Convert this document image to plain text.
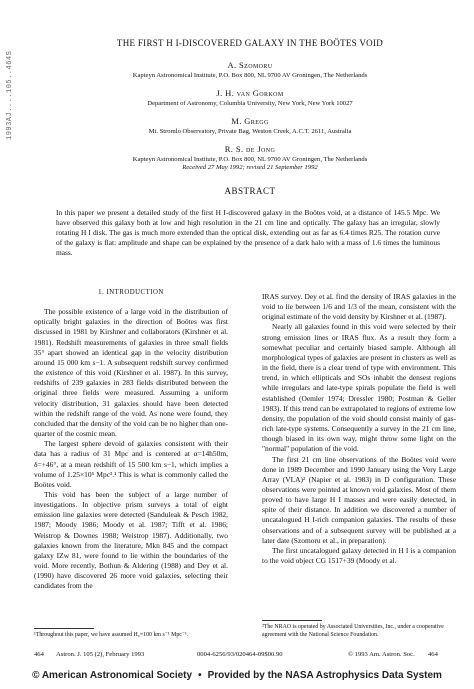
1993AJ....105..464S
THE FIRST H I-DISCOVERED GALAXY IN THE BOÖTES VOID
A. Szomoru
Kapteyn Astronomical Institute, P.O. Box 800, NL 9700 AV Groningen, The Netherlands
J. H. van Gorkom
Department of Astronomy, Columbia University, New York, New York 10027
M. Gregg
Mt. Stromlo Observatory, Private Bag, Weston Creek, A.C.T. 2611, Australia
R. S. de Jong
Kapteyn Astronomical Institute, P.O. Box 800, NL 9700 AV Groningen, The Netherlands
Received 27 May 1992; revised 21 September 1992
ABSTRACT
In this paper we present a detailed study of the first H I-discovered galaxy in the Boötes void, at a distance of 145.5 Mpc. We have observed this galaxy both at low and high resolution in the 21 cm line and optically. The galaxy has an irregular, slowly rotating H I disk. The gas is much more extended than the optical disk, extending out as far as 6.4 times R25. The rotation curve of the galaxy is flat: amplitude and shape can be explained by the presence of a dark halo with a mass of 1.6 times the luminous mass.
1. INTRODUCTION

The possible existence of a large void in the distribution of optically bright galaxies in the direction of Boötes was first discussed in 1981 by Kirshner and collaborators (Kirshner et al. 1981). Redshift measurements of galaxies in three small fields 35° apart showed an identical gap in the velocity distribution around 15 000 km s−1. A subsequent redshift survey confirmed the existence of this void (Kirshner et al. 1987). In this survey, redshifts of 239 galaxies in 283 fields distributed between the original three fields were measured. Assuming a uniform velocity distribution, 31 galaxies should have been detected within the redshift range of the void. As none were found, they concluded that the density of the void can be no higher than one-quarter of the cosmic mean.

The largest sphere devoid of galaxies consistent with their data has a radius of 31 Mpc and is centered at α=14h50m, δ=+46°, at a mean redshift of 15 500 km s−1, which implies a volume of 1.25×10⁵ Mpc³.¹ This is what is commonly called the Boötes void.

This void has been the subject of a large number of investigations. In objective prism surveys a total of eight emission line galaxies were detected (Sanduleak & Pesch 1982, 1987; Moody 1986; Moody et al. 1987; Tifft et al. 1986; Weistrop & Downes 1988; Weistrop 1987). Additionally, two galaxies known from the literature, Mkn 845 and the compact galaxy IZw 81, were found to lie within the boundaries of the void. More recently, Bothun & Aldering (1988) and Dey et al. (1990) have discovered 26 more void galaxies, selecting their candidates from the

IRAS survey. Dey et al. find the density of IRAS galaxies in the void to lie between 1/6 and 1/3 of the mean, consistent with the original estimate of the void density by Kirshner et al. (1987).

Nearly all galaxies found in this void were selected by their strong emission lines or IRAS flux. As a result they form a somewhat peculiar and certainly biased sample. Although all morphological types of galaxies are present in clusters as well as in the field, there is a clear trend of type with environment. This trend, in which ellipticals and SOs inhabit the densest regions while irregulars and late-type spirals populate the field is well established (Oemler 1974; Dressler 1980; Postman & Geller 1983). If this trend can be extrapolated to regions of extreme low density, the population of the void should consist mainly of gas-rich late-type systems. Consequently a survey in the 21 cm line, though biased in its own way, might throw some light on the "normal" population of the void.

The first 21 cm line observations of the Boötes void were done in 1989 December and 1990 January using the Very Large Array (VLA)² (Napier et al. 1983) in D configuration. These observations were pointed at known void galaxies. Most of them proved to have large H I masses and were easily detected, in spite of their distance. In addition we discovered a number of uncatalogued H I-rich companion galaxies. The results of these observations and of a subsequent survey will be published at a later date (Szomoru et al., in preparation).

The first uncatalogued galaxy detected in H I is a companion to the void object CG 1517+39 (Moody et al.

¹Throughout this paper, we have assumed H₀=100 km s⁻¹ Mpc⁻¹.
²The NRAO is operated by Associated Universities, Inc., under a cooperative agreement with the National Science Foundation.
464 Astron. J. 105 (2), February 1993	0004-6256/93/020464-09$00.90	© 1993 Am. Astron. Soc. 464
© American Astronomical Society • Provided by the NASA Astrophysics Data System
